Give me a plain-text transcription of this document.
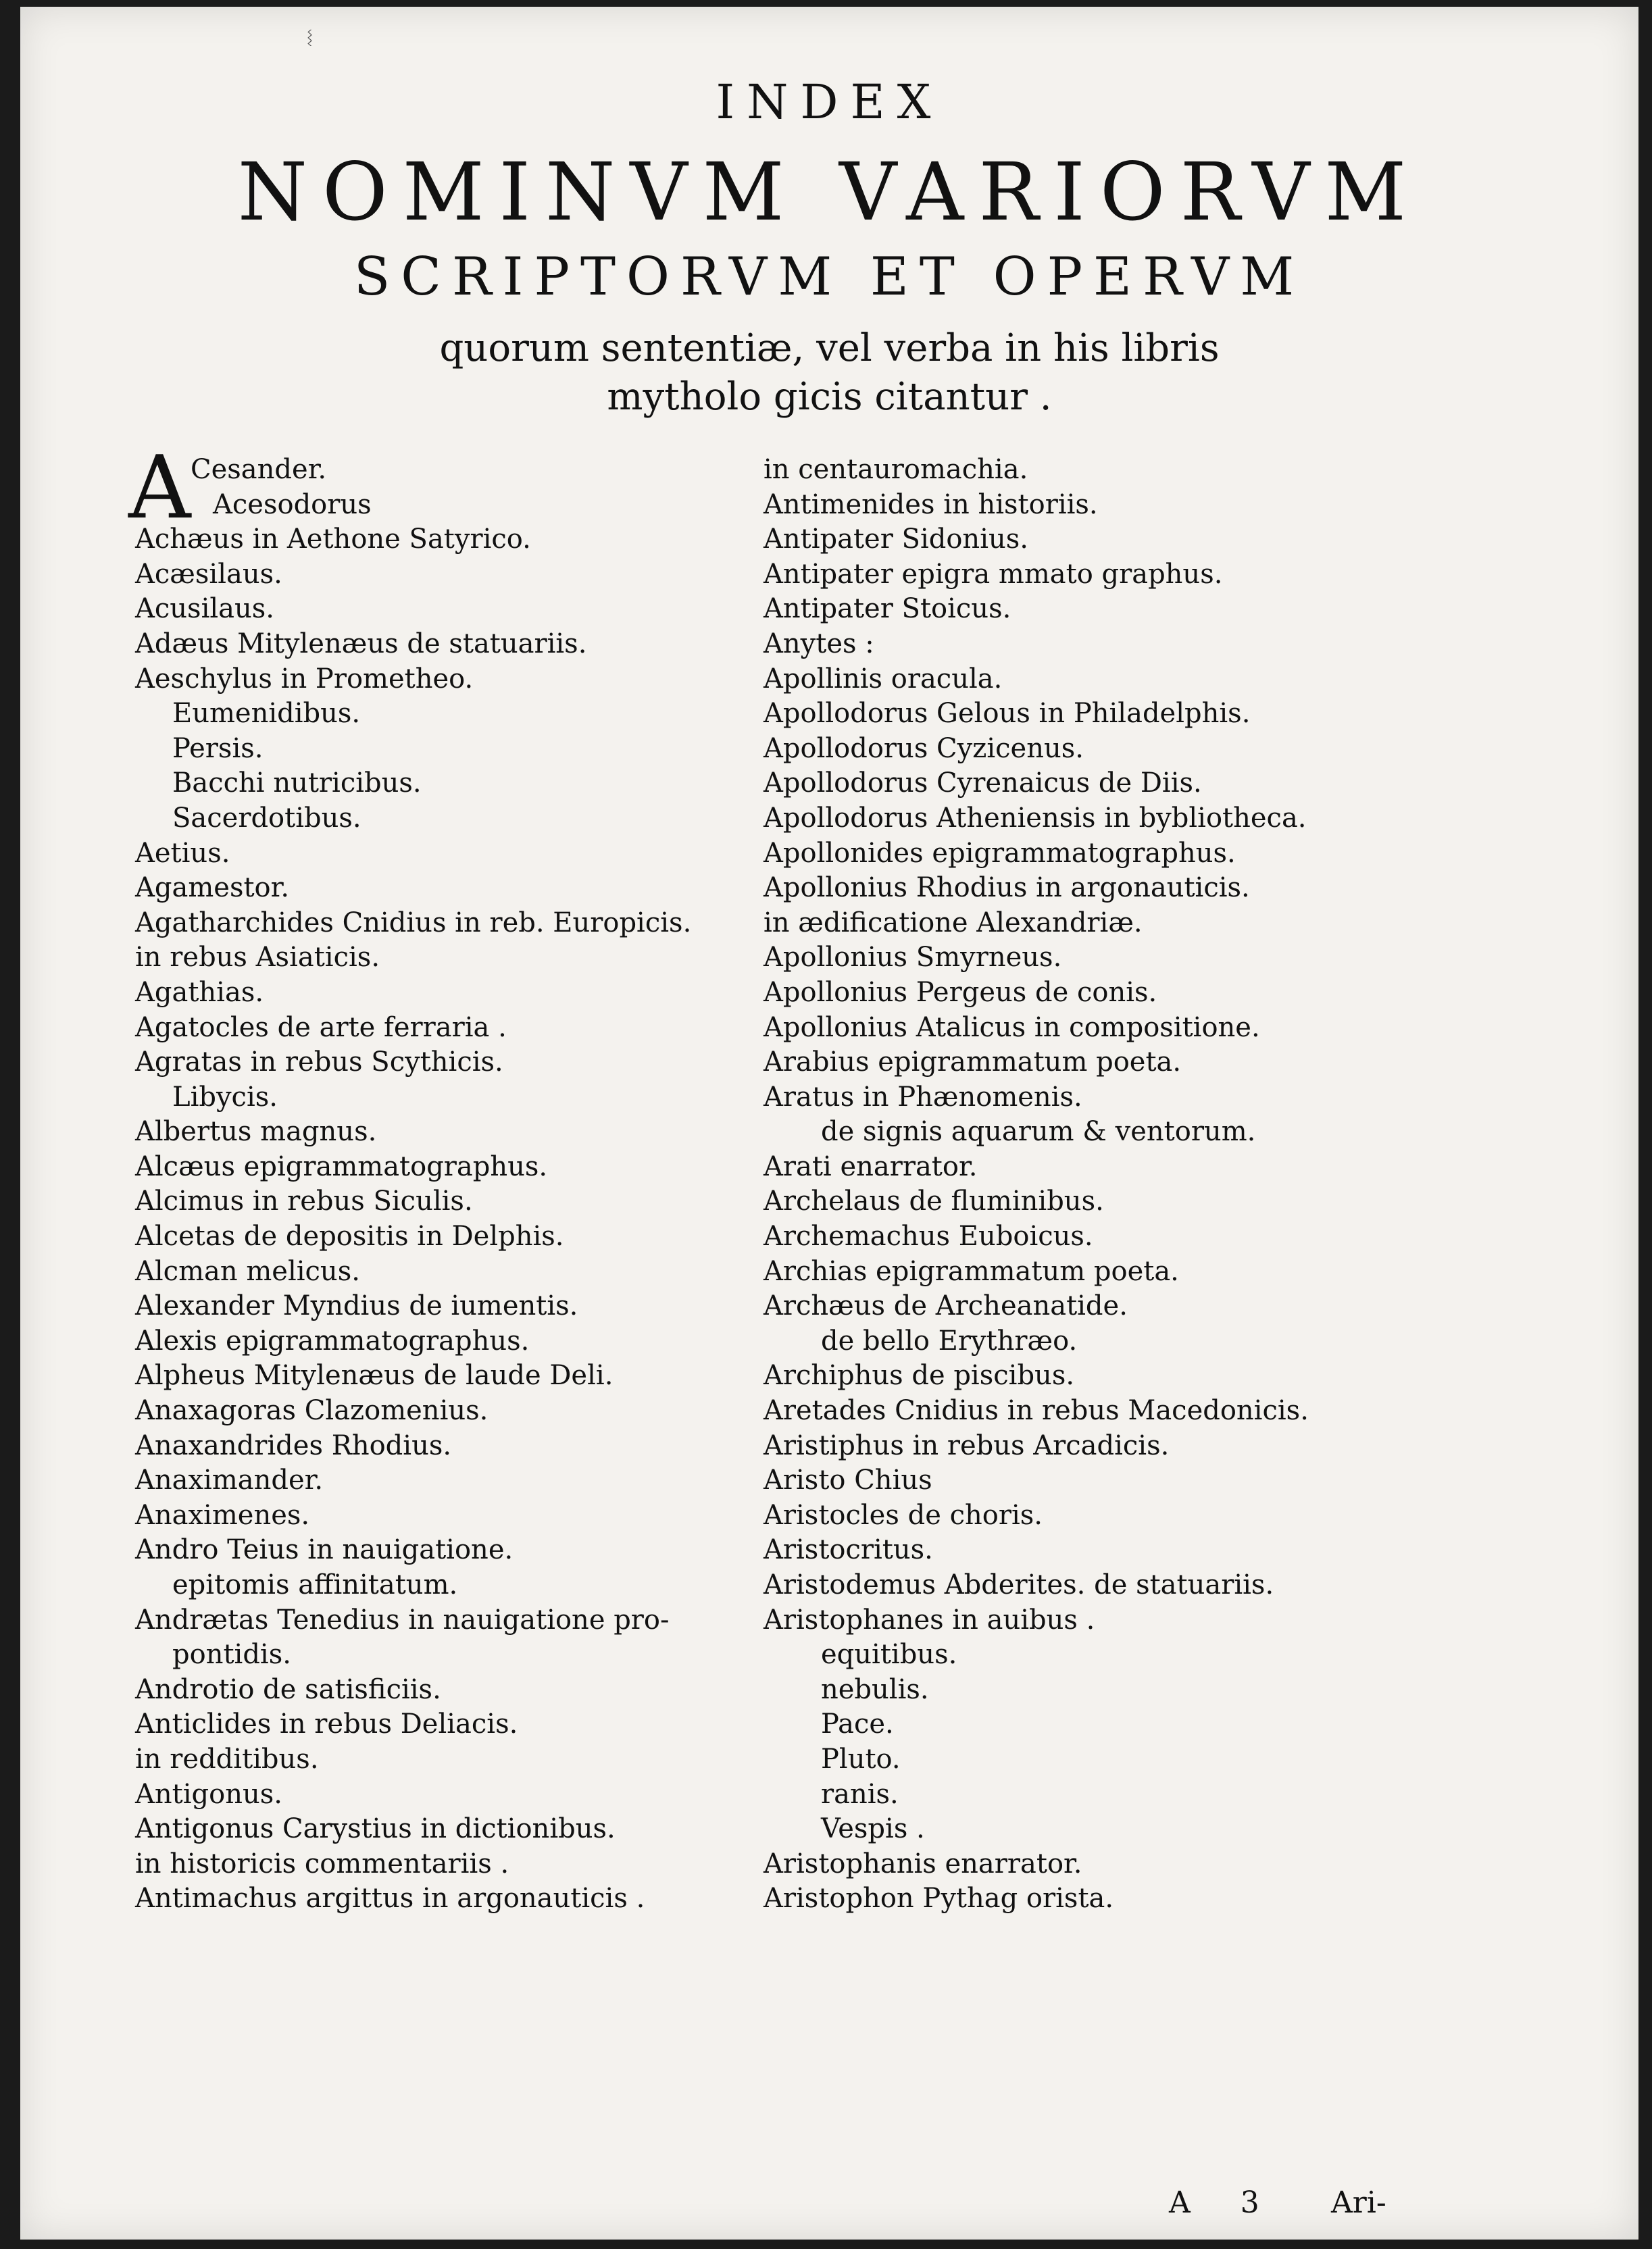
ᛵ
INDEX
NOMINVM VARIORVM
SCRIPTORVM ET OPERVM
quorum sententiæ, vel verba in his libris
mytholo gicis citantur .
A Cesander.
Acesodorus
Achæus in Aethone Satyrico.
Acæsilaus.
Acusilaus.
Adæus Mitylenæus de statuariis.
Aeschylus in Prometheo.
Eumenidibus.
Persis.
Bacchi nutricibus.
Sacerdotibus.
Aetius.
Agamestor.
Agatharchides Cnidius in reb. Europicis.
in rebus Asiaticis.
Agathias.
Agatocles de arte ferraria .
Agratas in rebus Scythicis.
Libycis.
Albertus magnus.
Alcæus epigrammatographus.
Alcimus in rebus Siculis.
Alcetas de depositis in Delphis.
Alcman melicus.
Alexander Myndius de iumentis.
Alexis epigrammatographus.
Alpheus Mitylenæus de laude Deli.
Anaxagoras Clazomenius.
Anaxandrides Rhodius.
Anaximander.
Anaximenes.
Andro Teius in nauigatione.
epitomis affinitatum.
Andrætas Tenedius in nauigatione pro-
pontidis.
Androtio de satisficiis.
Anticlides in rebus Deliacis.
in redditibus.
Antigonus.
Antigonus Carystius in dictionibus.
in historicis commentariis .
Antimachus argittus in argonauticis .
in centauromachia.
Antimenides in historiis.
Antipater Sidonius.
Antipater epigra mmato graphus.
Antipater Stoicus.
Anytes :
Apollinis oracula.
Apollodorus Gelous in Philadelphis.
Apollodorus Cyzicenus.
Apollodorus Cyrenaicus de Diis.
Apollodorus Atheniensis in bybliotheca.
Apollonides epigrammatographus.
Apollonius Rhodius in argonauticis.
in ædificatione Alexandriæ.
Apollonius Smyrneus.
Apollonius Pergeus de conis.
Apollonius Atalicus in compositione.
Arabius epigrammatum poeta.
Aratus in Phænomenis.
de signis aquarum & ventorum.
Arati enarrator.
Archelaus de fluminibus.
Archemachus Euboicus.
Archias epigrammatum poeta.
Archæus de Archeanatide.
de bello Erythræo.
Archiphus de piscibus.
Aretades Cnidius in rebus Macedonicis.
Aristiphus in rebus Arcadicis.
Aristo Chius
Aristocles de choris.
Aristocritus.
Aristodemus Abderites. de statuariis.
Aristophanes in auibus .
equitibus.
nebulis.
Pace.
Pluto.
ranis.
Vespis .
Aristophanis enarrator.
Aristophon Pythag orista.
A 3 Ari-
